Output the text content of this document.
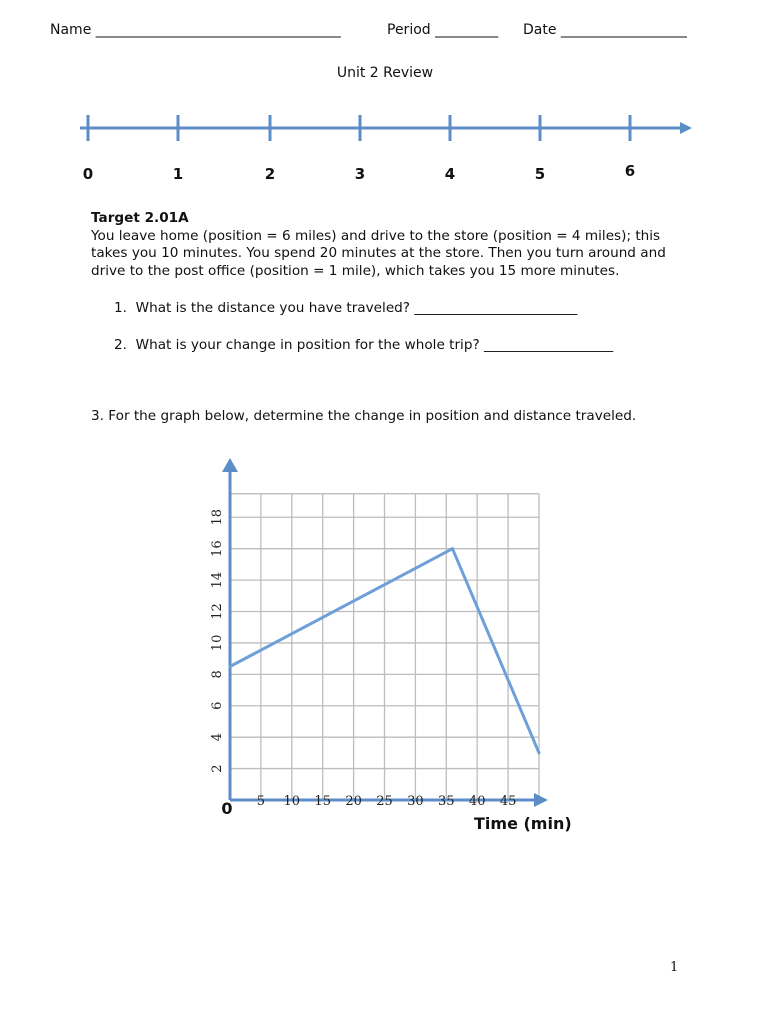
Name ___________________________________	Period _________ Date __________________
Unit 2 Review
0	1	2	3	4	5	6
Target 2.01A
You leave home (position = 6 miles) and drive to the store (position = 4 miles); this takes you 10 minutes. You spend 20 minutes at the store. Then you turn around and drive to the post office (position = 1 mile), which takes you 15 more minutes.
1. What is the distance you have traveled? ________________________
2. What is your change in position for the whole trip? ___________________
3. For the graph below, determine the change in position and distance traveled.
5 10 15 20 25 30 35 40 45
2
4
6
8
10
12
14
16
18
0
Time (min)
1
